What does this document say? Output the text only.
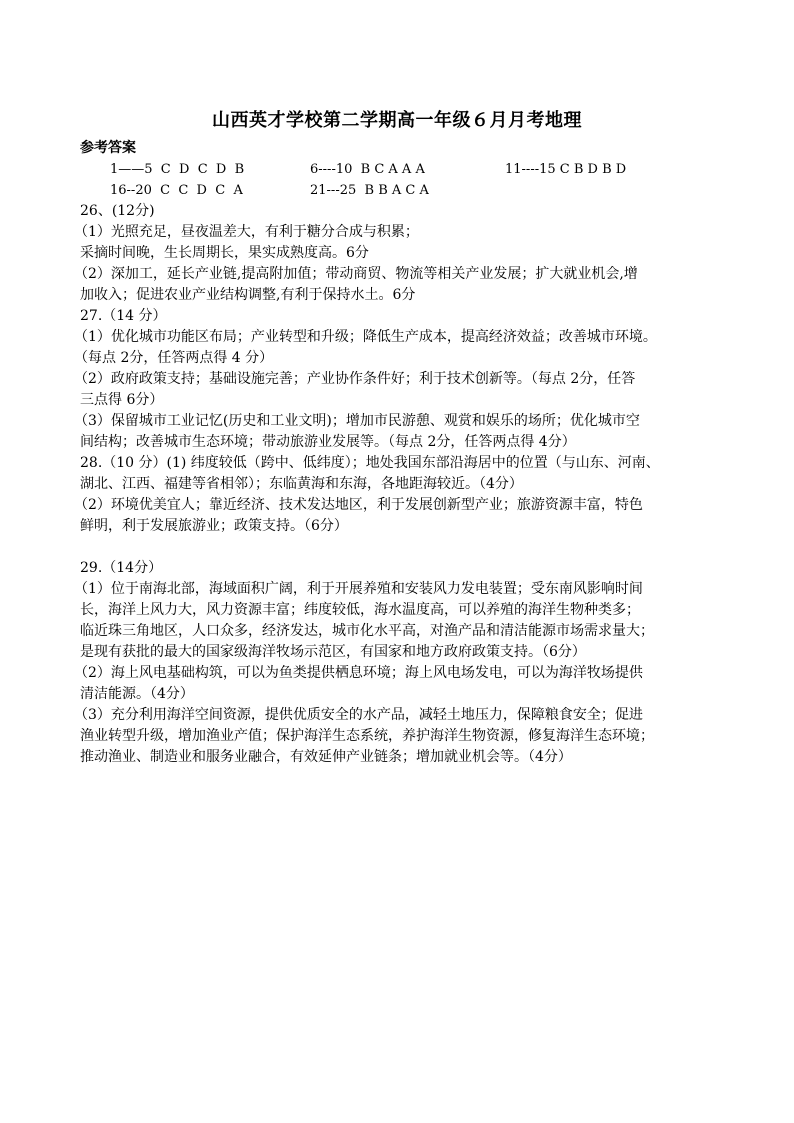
山西英才学校第二学期高一年级６月月考地理
参考答案
1——5  C  D  C  D  B	6----10  B C A A A	11----15 C B D B D
16--20  C  C  D  C  A	21---25  B B A C A
26、(12分)
（1）光照充足，昼夜温差大，有利于糖分合成与积累；
采摘时间晚，生长周期长，果实成熟度高。6分
（2）深加工，延长产业链,提高附加值；带动商贸、物流等相关产业发展；扩大就业机会,增
加收入；促进农业产业结构调整,有利于保持水土。6分
27.（14 分）
（1）优化城市功能区布局；产业转型和升级；降低生产成本，提高经济效益；改善城市环境。
（每点 2分，任答两点得 4 分）
（2）政府政策支持；基础设施完善；产业协作条件好；利于技术创新等。（每点 2分，任答
三点得 6分）
（3）保留城市工业记忆(历史和工业文明)；增加市民游憩、观赏和娱乐的场所；优化城市空
间结构；改善城市生态环境；带动旅游业发展等。（每点 2分，任答两点得 4分）
28.（10 分）(1) 纬度较低（跨中、低纬度）；地处我国东部沿海居中的位置（与山东、河南、
湖北、江西、福建等省相邻）；东临黄海和东海，各地距海较近。（4分）
（2）环境优美宜人；靠近经济、技术发达地区，利于发展创新型产业；旅游资源丰富，特色
鲜明，利于发展旅游业；政策支持。（6分）
29.（14分）
（1）位于南海北部，海域面积广阔，利于开展养殖和安装风力发电装置；受东南风影响时间
长，海洋上风力大，风力资源丰富；纬度较低，海水温度高，可以养殖的海洋生物种类多；
临近珠三角地区，人口众多，经济发达，城市化水平高，对渔产品和清洁能源市场需求量大；
是现有获批的最大的国家级海洋牧场示范区，有国家和地方政府政策支持。（6分）
（2）海上风电基础构筑，可以为鱼类提供栖息环境；海上风电场发电，可以为海洋牧场提供
清洁能源。（4分）
（3）充分利用海洋空间资源，提供优质安全的水产品，减轻土地压力，保障粮食安全；促进
渔业转型升级，增加渔业产值；保护海洋生态系统，养护海洋生物资源，修复海洋生态环境；
推动渔业、制造业和服务业融合，有效延伸产业链条；增加就业机会等。（4分）
